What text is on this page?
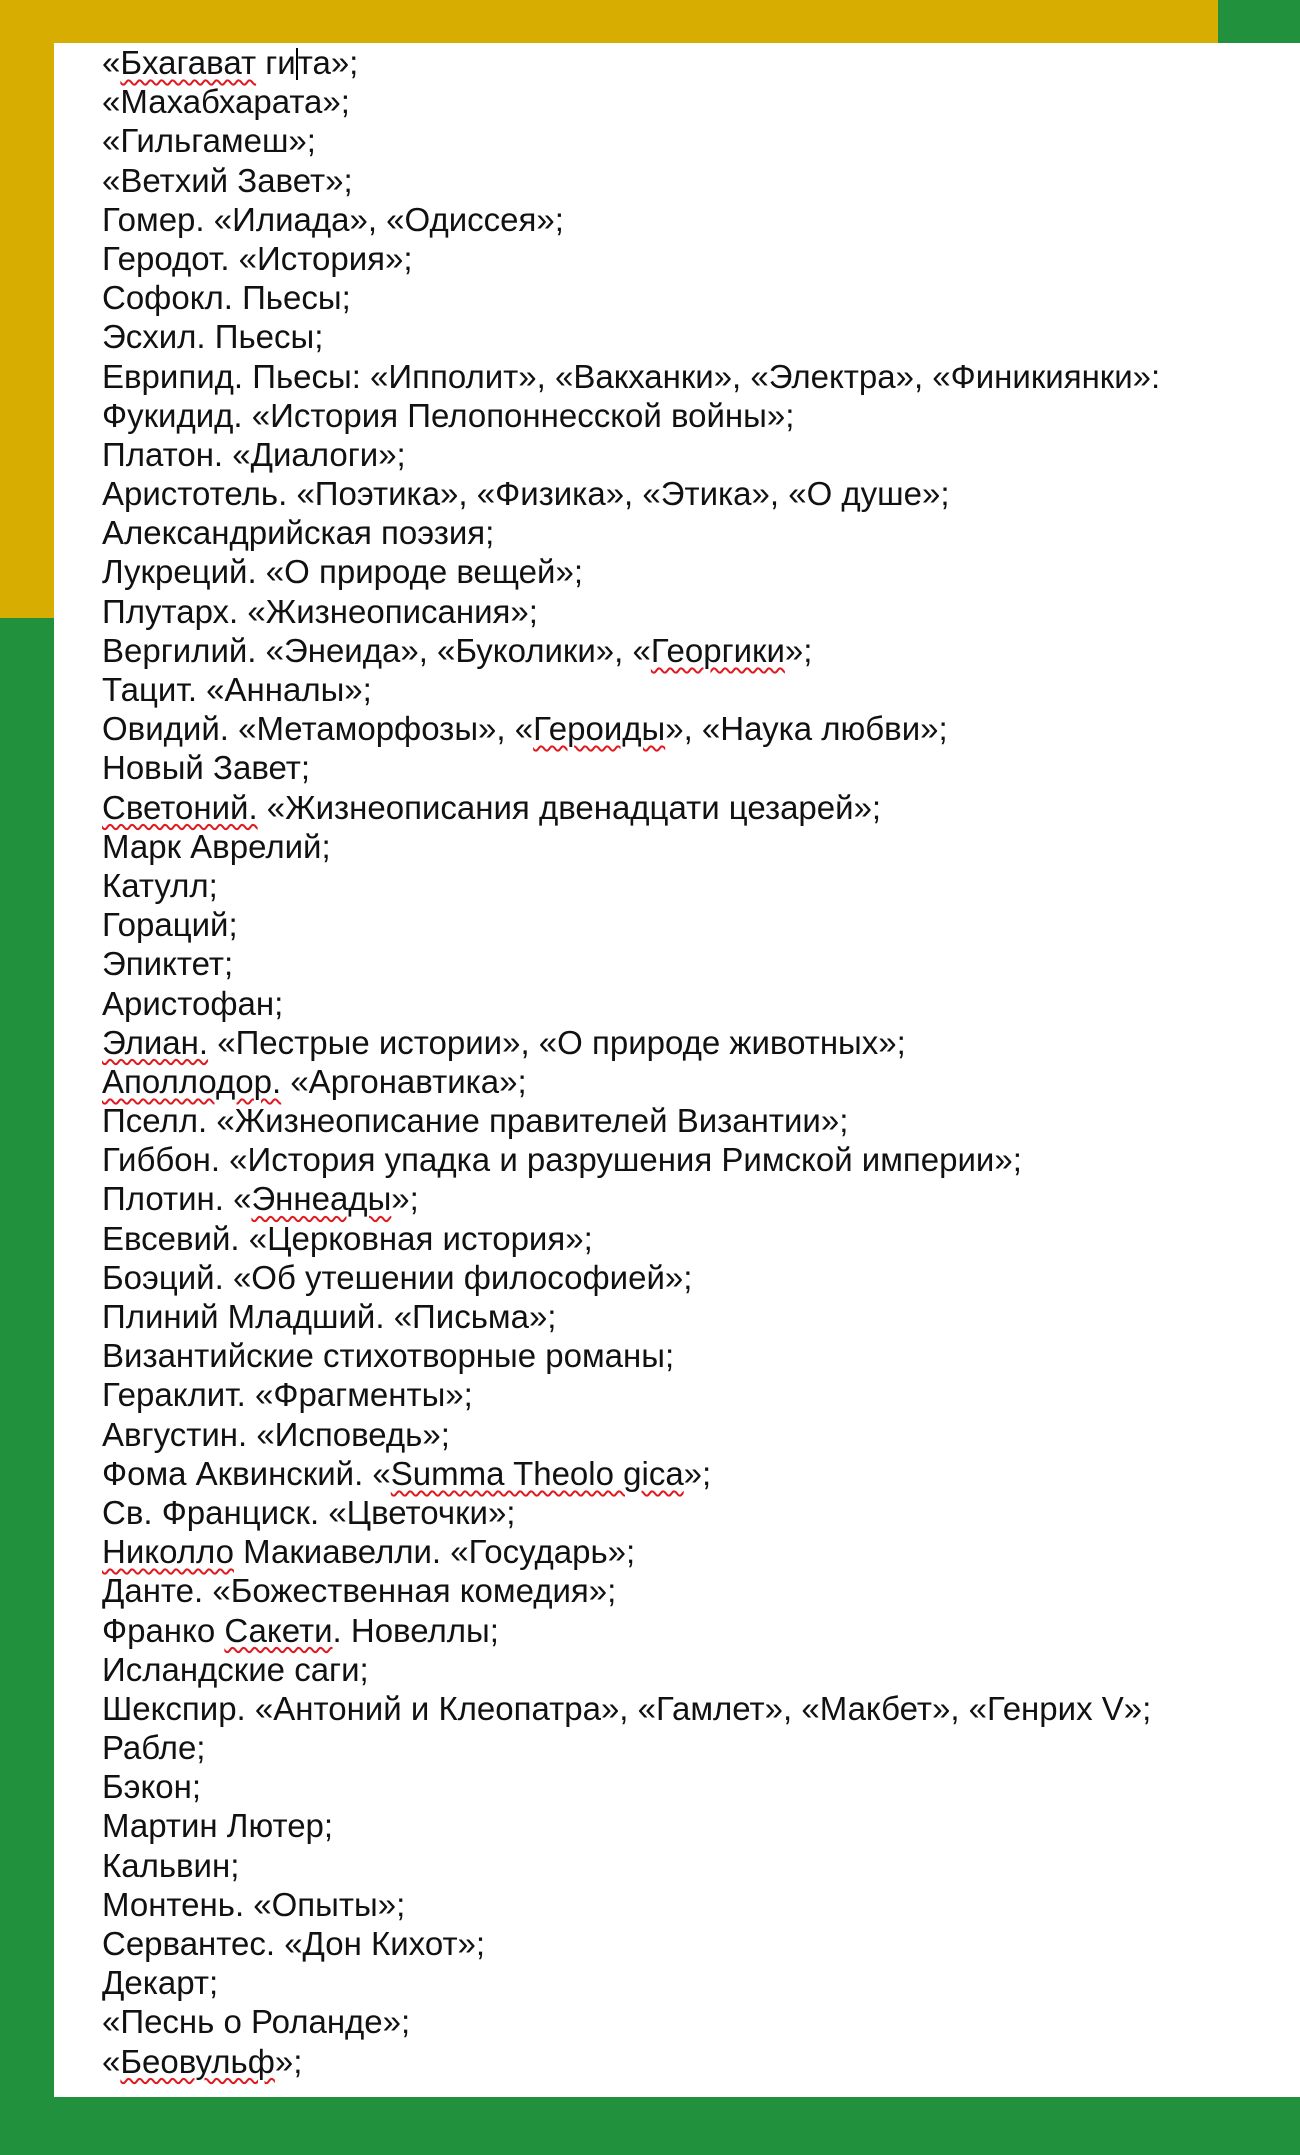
«Бхагават гита»;
«Махабхарата»;
«Гильгамеш»;
«Ветхий Завет»;
Гомер. «Илиада», «Одиссея»;
Геродот. «История»;
Софокл. Пьесы;
Эсхил. Пьесы;
Еврипид. Пьесы: «Ипполит», «Вакханки», «Электра», «Финикиянки»:
Фукидид. «История Пелопоннесской войны»;
Платон. «Диалоги»;
Аристотель. «Поэтика», «Физика», «Этика», «О душе»;
Александрийская поэзия;
Лукреций. «О природе вещей»;
Плутарх. «Жизнеописания»;
Вергилий. «Энеида», «Буколики», «Георгики»;
Тацит. «Анналы»;
Овидий. «Метаморфозы», «Героиды», «Наука любви»;
Новый Завет;
Светоний. «Жизнеописания двенадцати цезарей»;
Марк Аврелий;
Катулл;
Гораций;
Эпиктет;
Аристофан;
Элиан. «Пестрые истории», «О природе животных»;
Аполлодор. «Аргонавтика»;
Пселл. «Жизнеописание правителей Византии»;
Гиббон. «История упадка и разрушения Римской империи»;
Плотин. «Эннеады»;
Евсевий. «Церковная история»;
Боэций. «Об утешении философией»;
Плиний Младший. «Письма»;
Византийские стихотворные романы;
Гераклит. «Фрагменты»;
Августин. «Исповедь»;
Фома Аквинский. «Summa Theolo gica»;
Св. Франциск. «Цветочки»;
Николло Макиавелли. «Государь»;
Данте. «Божественная комедия»;
Франко Сакети. Новеллы;
Исландские саги;
Шекспир. «Антоний и Клеопатра», «Гамлет», «Макбет», «Генрих V»;
Рабле;
Бэкон;
Мартин Лютер;
Кальвин;
Монтень. «Опыты»;
Сервантес. «Дон Кихот»;
Декарт;
«Песнь о Роланде»;
«Беовульф»;
